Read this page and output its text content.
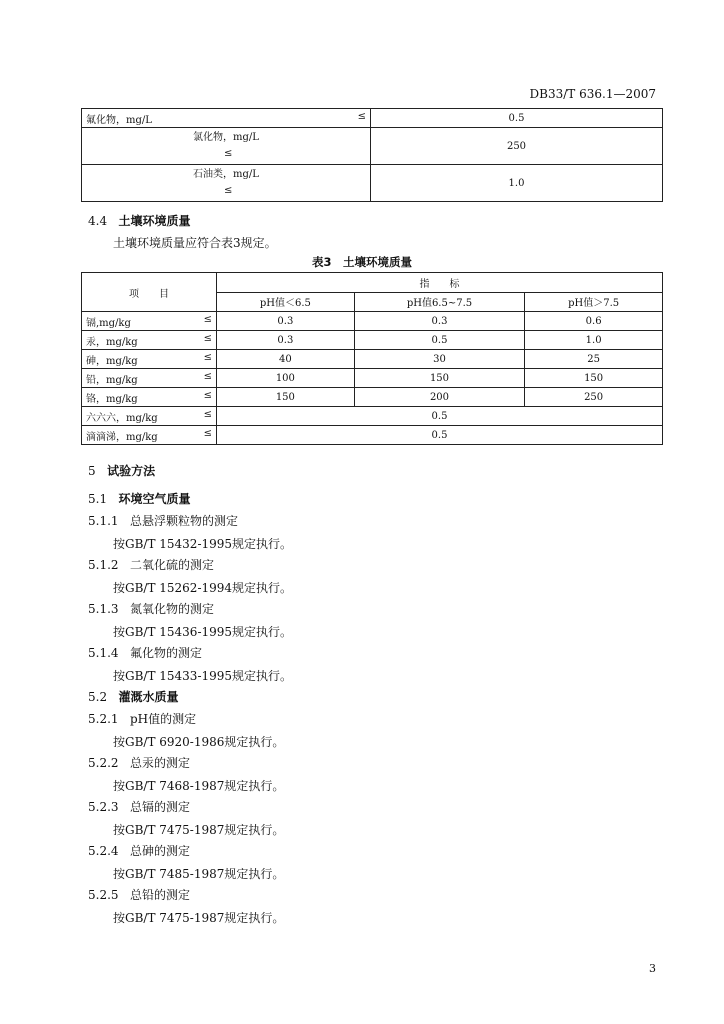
DB33/T 636.1—2007
氟化物，mg/L ≤	0.5

氯化物，mg/L
≤	250

石油类，mg/L
≤	1.0
4.4 土壤环境质量
土壤环境质量应符合表3规定。
表3　土壤环境质量
项　　目	指　　标		
	pH值＜6.5	pH值6.5~7.5	pH值＞7.5
镉,mg/kg ≤	0.3	0.3	0.6
汞，mg/kg ≤	0.3	0.5	1.0
砷，mg/kg ≤	40	30	25
铅，mg/kg ≤	100	150	150
铬，mg/kg ≤	150	200	250
六六六，mg/kg ≤	0.5		
滴滴涕，mg/kg ≤	0.5		
5 试验方法
5.1 环境空气质量
5.1.1 总悬浮颗粒物的测定
按GB/T 15432-1995规定执行。
5.1.2 二氧化硫的测定
按GB/T 15262-1994规定执行。
5.1.3 氮氧化物的测定
按GB/T 15436-1995规定执行。
5.1.4 氟化物的测定
按GB/T 15433-1995规定执行。
5.2 灌溉水质量
5.2.1 pH值的测定
按GB/T 6920-1986规定执行。
5.2.2 总汞的测定
按GB/T 7468-1987规定执行。
5.2.3 总镉的测定
按GB/T 7475-1987规定执行。
5.2.4 总砷的测定
按GB/T 7485-1987规定执行。
5.2.5 总铅的测定
按GB/T 7475-1987规定执行。
3
